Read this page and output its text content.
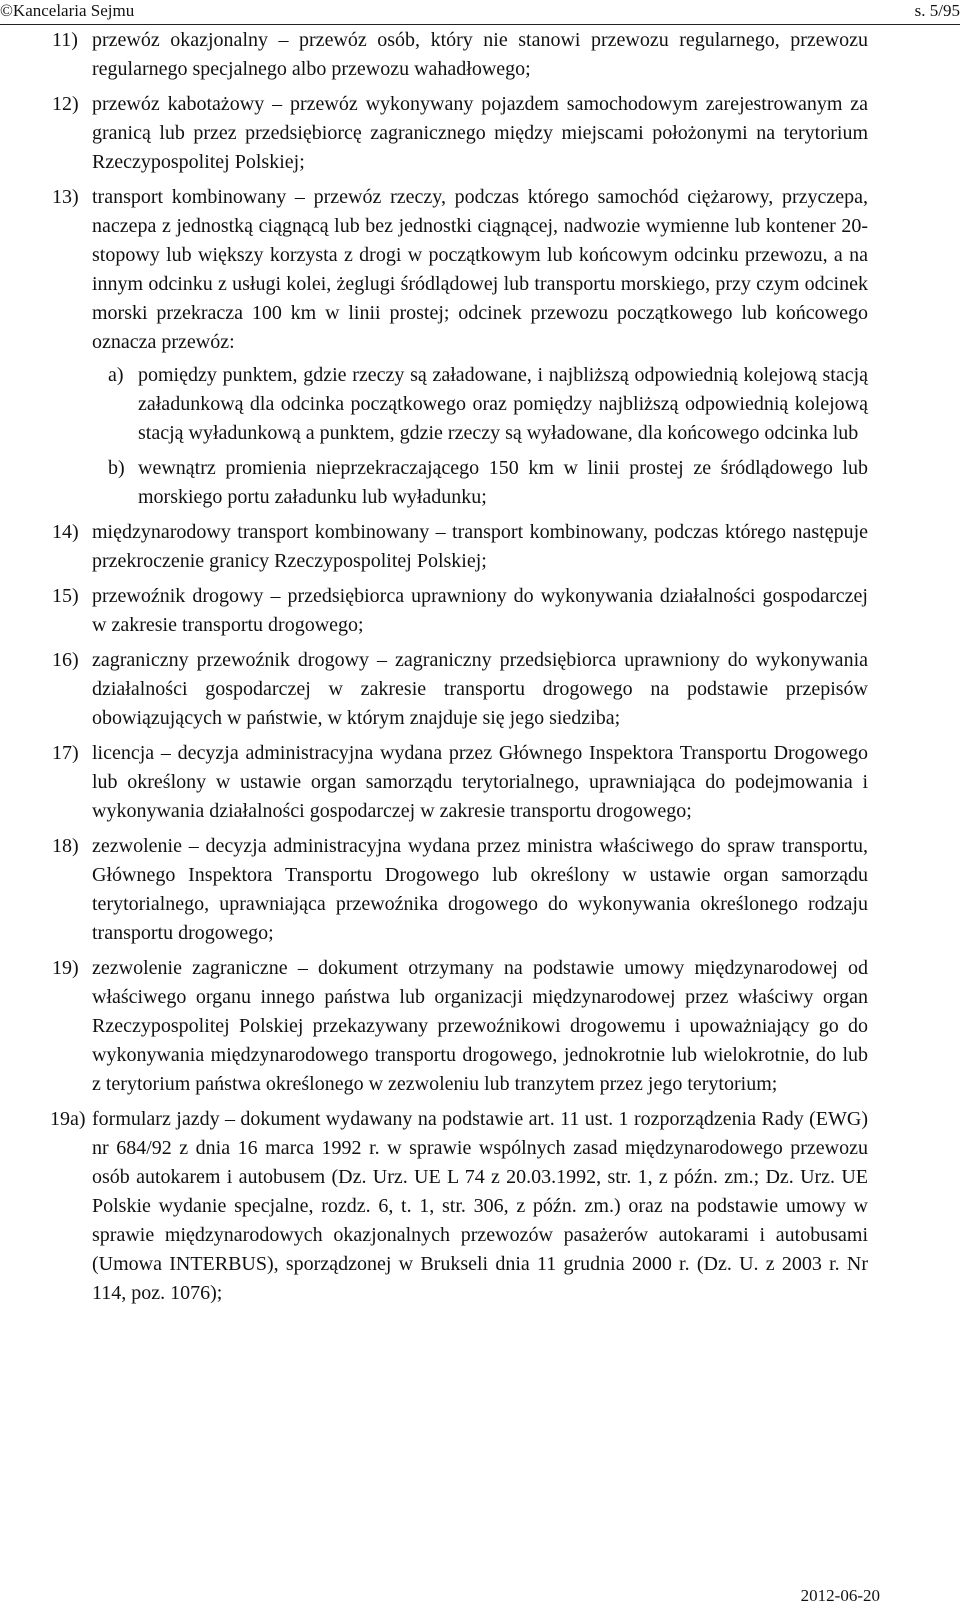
©Kancelaria Sejmu	s. 5/95
11) przewóz okazjonalny – przewóz osób, który nie stanowi przewozu regularnego, przewozu regularnego specjalnego albo przewozu wahadłowego;
12) przewóz kabotażowy – przewóz wykonywany pojazdem samochodowym zarejestrowanym za granicą lub przez przedsiębiorcę zagranicznego między miejscami położonymi na terytorium Rzeczypospolitej Polskiej;
13) transport kombinowany – przewóz rzeczy, podczas którego samochód ciężarowy, przyczepa, naczepa z jednostką ciągnącą lub bez jednostki ciągnącej, nadwozie wymienne lub kontener 20-stopowy lub większy korzysta z drogi w początkowym lub końcowym odcinku przewozu, a na innym odcinku z usługi kolei, żeglugi śródlądowej lub transportu morskiego, przy czym odcinek morski przekracza 100 km w linii prostej; odcinek przewozu początkowego lub końcowego oznacza przewóz:
a) pomiędzy punktem, gdzie rzeczy są załadowane, i najbliższą odpowiednią kolejową stacją załadunkową dla odcinka początkowego oraz pomiędzy najbliższą odpowiednią kolejową stacją wyładunkową a punktem, gdzie rzeczy są wyładowane, dla końcowego odcinka lub
b) wewnątrz promienia nieprzekraczającego 150 km w linii prostej ze śródlądowego lub morskiego portu załadunku lub wyładunku;
14) międzynarodowy transport kombinowany – transport kombinowany, podczas którego następuje przekroczenie granicy Rzeczypospolitej Polskiej;
15) przewoźnik drogowy – przedsiębiorca uprawniony do wykonywania działalności gospodarczej w zakresie transportu drogowego;
16) zagraniczny przewoźnik drogowy – zagraniczny przedsiębiorca uprawniony do wykonywania działalności gospodarczej w zakresie transportu drogowego na podstawie przepisów obowiązujących w państwie, w którym znajduje się jego siedziba;
17) licencja – decyzja administracyjna wydana przez Głównego Inspektora Transportu Drogowego lub określony w ustawie organ samorządu terytorialnego, uprawniająca do podejmowania i wykonywania działalności gospodarczej w zakresie transportu drogowego;
18) zezwolenie – decyzja administracyjna wydana przez ministra właściwego do spraw transportu, Głównego Inspektora Transportu Drogowego lub określony w ustawie organ samorządu terytorialnego, uprawniająca przewoźnika drogowego do wykonywania określonego rodzaju transportu drogowego;
19) zezwolenie zagraniczne – dokument otrzymany na podstawie umowy międzynarodowej od właściwego organu innego państwa lub organizacji międzynarodowej przez właściwy organ Rzeczypospolitej Polskiej przekazywany przewoźnikowi drogowemu i upoważniający go do wykonywania międzynarodowego transportu drogowego, jednokrotnie lub wielokrotnie, do lub z terytorium państwa określonego w zezwoleniu lub tranzytem przez jego terytorium;
19a) formularz jazdy – dokument wydawany na podstawie art. 11 ust. 1 rozporządzenia Rady (EWG) nr 684/92 z dnia 16 marca 1992 r. w sprawie wspólnych zasad międzynarodowego przewozu osób autokarem i autobusem (Dz. Urz. UE L 74 z 20.03.1992, str. 1, z późn. zm.; Dz. Urz. UE Polskie wydanie specjalne, rozdz. 6, t. 1, str. 306, z późn. zm.) oraz na podstawie umowy w sprawie międzynarodowych okazjonalnych przewozów pasażerów autokarami i autobusami (Umowa INTERBUS), sporządzonej w Brukseli dnia 11 grudnia 2000 r. (Dz. U. z 2003 r. Nr 114, poz. 1076);
2012-06-20
